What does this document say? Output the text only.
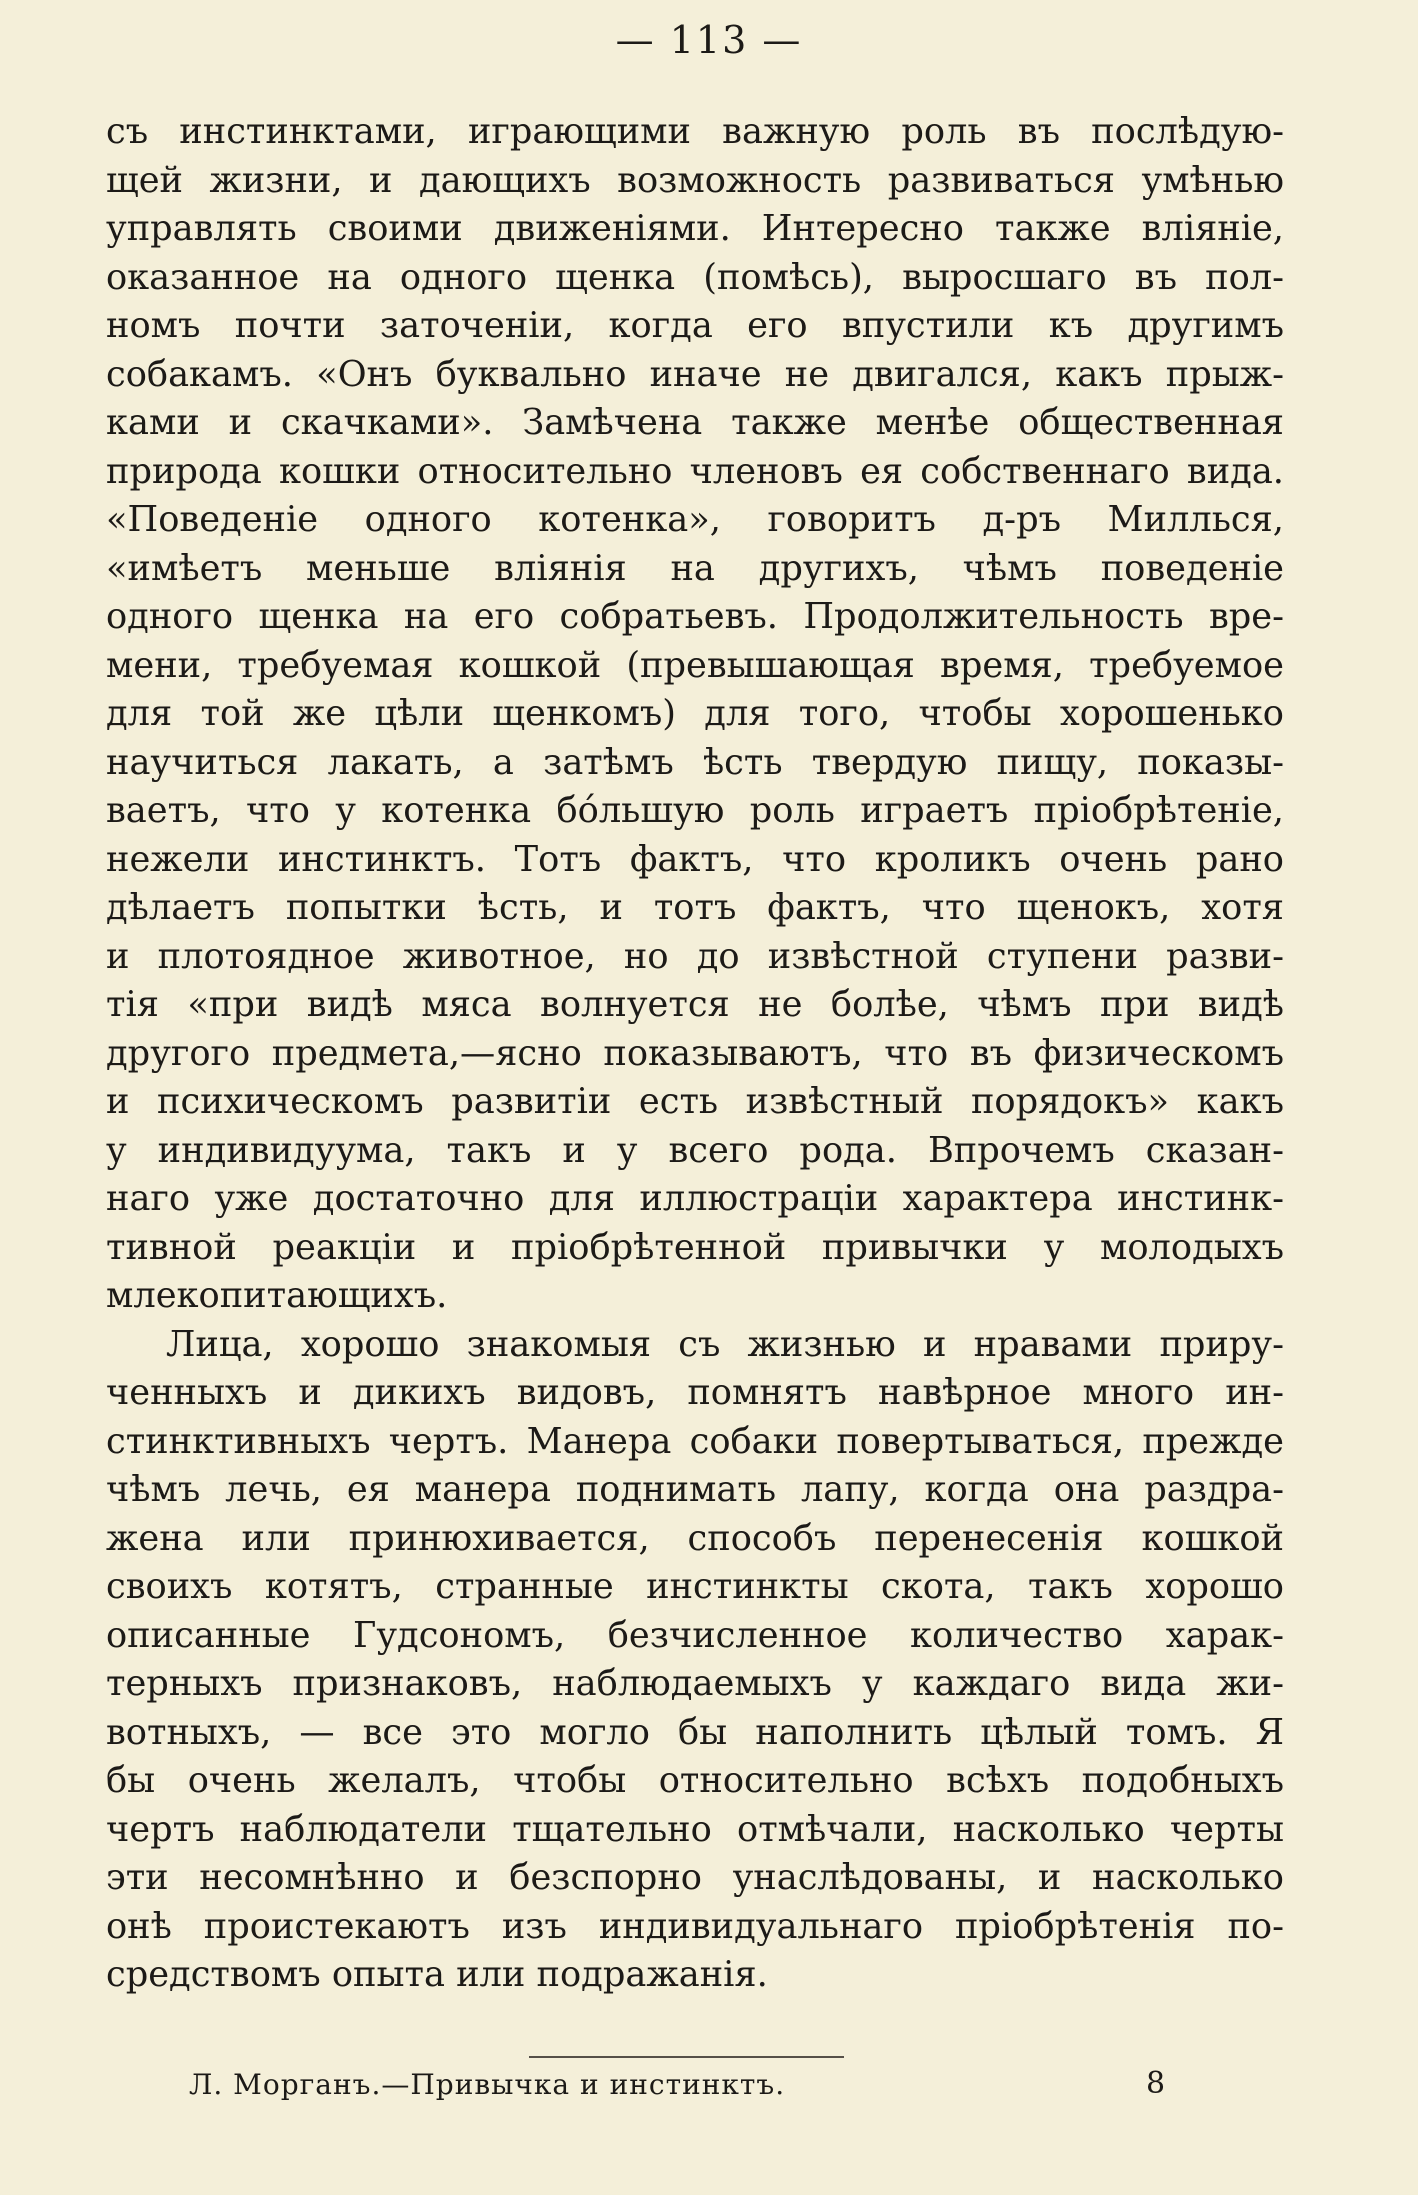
— 113 —
съ инстинктами, играющими важную роль въ послѣдую-
щей жизни, и дающихъ возможность развиваться умѣнью
управлять своими движеніями. Интересно также вліяніе,
оказанное на одного щенка (помѣсь), выросшаго въ пол-
номъ почти заточеніи, когда его впустили къ другимъ
собакамъ. «Онъ буквально иначе не двигался, какъ прыж-
ками и скачками». Замѣчена также менѣе общественная
природа кошки относительно членовъ ея собственнаго вида.
«Поведеніе одного котенка», говоритъ д-ръ Миллься,
«имѣетъ меньше вліянія на другихъ, чѣмъ поведеніе
одного щенка на его собратьевъ. Продолжительность вре-
мени, требуемая кошкой (превышающая время, требуемое
для той же цѣли щенкомъ) для того, чтобы хорошенько
научиться лакать, а затѣмъ ѣсть твердую пищу, показы-
ваетъ, что у котенка бóльшую роль играетъ пріобрѣтеніе,
нежели инстинктъ. Тотъ фактъ, что кроликъ очень рано
дѣлаетъ попытки ѣсть, и тотъ фактъ, что щенокъ, хотя
и плотоядное животное, но до извѣстной ступени разви-
тія «при видѣ мяса волнуется не болѣе, чѣмъ при видѣ
другого предмета,—ясно показываютъ, что въ физическомъ
и психическомъ развитіи есть извѣстный порядокъ» какъ
у индивидуума, такъ и у всего рода. Впрочемъ сказан-
наго уже достаточно для иллюстраціи характера инстинк-
тивной реакціи и пріобрѣтенной привычки у молодыхъ
млекопитающихъ.
Лица, хорошо знакомыя съ жизнью и нравами приру-
ченныхъ и дикихъ видовъ, помнятъ навѣрное много ин-
стинктивныхъ чертъ. Манера собаки повертываться, прежде
чѣмъ лечь, ея манера поднимать лапу, когда она раздра-
жена или принюхивается, способъ перенесенія кошкой
своихъ котятъ, странные инстинкты скота, такъ хорошо
описанные Гудсономъ, безчисленное количество харак-
терныхъ признаковъ, наблюдаемыхъ у каждаго вида жи-
вотныхъ, — все это могло бы наполнить цѣлый томъ. Я
бы очень желалъ, чтобы относительно всѣхъ подобныхъ
чертъ наблюдатели тщательно отмѣчали, насколько черты
эти несомнѣнно и безспорно унаслѣдованы, и насколько
онѣ проистекаютъ изъ индивидуальнаго пріобрѣтенія по-
средствомъ опыта или подражанія.
Л. Морганъ.—Привычка и инстинктъ.	8
